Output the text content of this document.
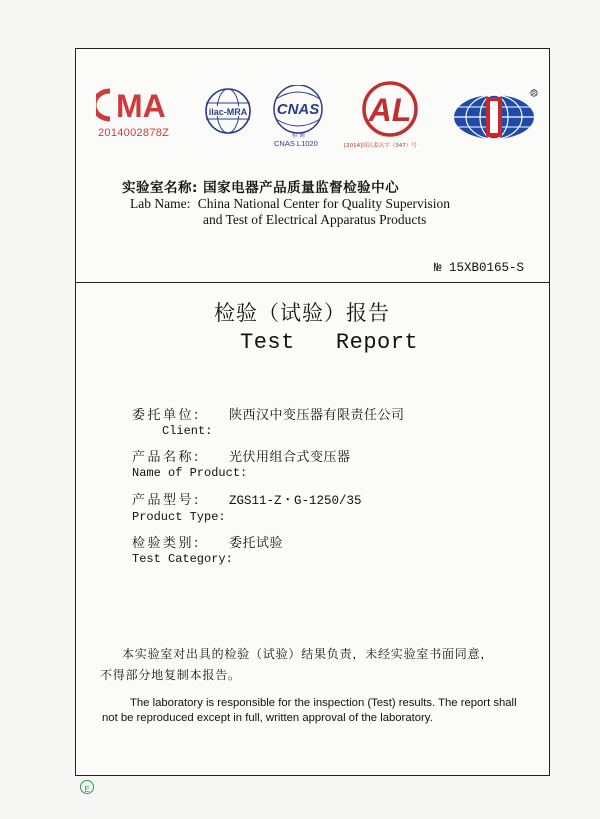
MA
2014002878Z
ilac-MRA CNAS
检 测
CNAS L1020
AL
[2014]国认监认字（347）号
R
实验室名称: 国家电器产品质量监督检验中心
Lab Name: China National Center for Quality Supervision
and Test of Electrical Apparatus Products
№ 15XB0165-S
检验（试验）报告
Test   Report
委托单位: 陕西汉中变压器有限责任公司
Client:
产品名称: 光伏用组合式变压器
Name of Product:
产品型号: ZGS11-Z・G-1250/35
Product Type:
检验类别: 委托试验
Test Category:
本实验室对出具的检验（试验）结果负责，未经实验室书面同意，
不得部分地复制本报告。
The laboratory is responsible for the inspection (Test) results. The report shall
not be reproduced except in full, written approval of the laboratory.
E
